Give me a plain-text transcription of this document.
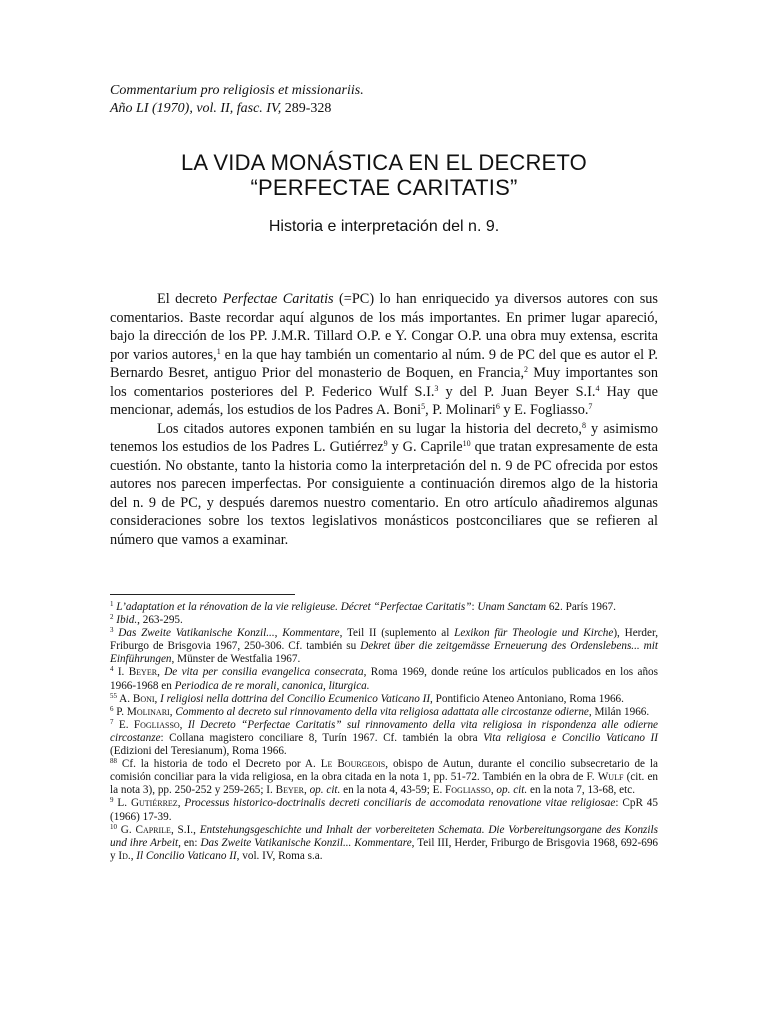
Commentarium pro religiosis et missionariis.
Año LI (1970), vol. II, fasc. IV, 289-328
LA VIDA MONÁSTICA EN EL DECRETO
“PERFECTAE CARITATIS”
Historia e interpretación del n. 9.

El decreto Perfectae Caritatis (=PC) lo han enriquecido ya diversos autores con sus comentarios. Baste recordar aquí algunos de los más importantes. En primer lugar apareció, bajo la dirección de los PP. J.M.R. Tillard O.P. e Y. Congar O.P. una obra muy extensa, escrita por varios autores,$^1$ en la que hay también un comentario al núm. 9 de PC del que es autor el P. Bernardo Besret, antiguo Prior del monasterio de Boquen, en Francia,$^2$ Muy importantes son los comentarios posteriores del P. Federico Wulf S.I.$^3$ y del P. Juan Beyer S.I.$^4$ Hay que mencionar, además, los estudios de los Padres A. Boni$^5$, P. Molinari$^6$ y E. Fogliasso.$^7$

Los citados autores exponen también en su lugar la historia del decreto,$^8$ y asimismo tenemos los estudios de los Padres L. Gutiérrez$^9$ y G. Caprile$^{10}$ que tratan expresamente de esta cuestión. No obstante, tanto la historia como la interpretación del n. 9 de PC ofrecida por estos autores nos parecen imperfectas. Por consiguiente a continuación diremos algo de la historia del n. 9 de PC, y después daremos nuestro comentario. En otro artículo añadiremos algunas consideraciones sobre los textos legislativos monásticos postconciliares que se refieren al número que vamos a examinar.

$^1$ L’adaptation et la rénovation de la vie religieuse. Décret “Perfectae Caritatis”: Unam Sanctam 62. París 1967.
$^2$ Ibid., 263-295.
$^3$ Das Zweite Vatikanische Konzil..., Kommentare, Teil II (suplemento al Lexikon für Theologie und Kirche), Herder, Friburgo de Brisgovia 1967, 250-306. Cf. también su Dekret über die zeitgemässe Erneuerung des Ordenslebens... mit Einführungen, Münster de Westfalia 1967.
$^4$ I. Beyer, De vita per consilia evangelica consecrata, Roma 1969, donde reúne los artículos publicados en los años 1966-1968 en Periodica de re morali, canonica, liturgica.
$^{55}$ A. Boni, I religiosi nella dottrina del Concilio Ecumenico Vaticano II, Pontificio Ateneo Antoniano, Roma 1966.
$^6$ P. Molinari, Commento al decreto sul rinnovamento della vita religiosa adattata alle circostanze odierne, Milán 1966.
$^7$ E. Fogliasso, Il Decreto “Perfectae Caritatis” sul rinnovamento della vita religiosa in rispondenza alle odierne circostanze: Collana magistero conciliare 8, Turín 1967. Cf. también la obra Vita religiosa e Concilio Vaticano II (Edizioni del Teresianum), Roma 1966.
$^{88}$ Cf. la historia de todo el Decreto por A. Le Bourgeois, obispo de Autun, durante el concilio subsecretario de la comisión conciliar para la vida religiosa, en la obra citada en la nota 1, pp. 51-72. También en la obra de F. Wulf (cit. en la nota 3), pp. 250-252 y 259-265; I. Beyer, op. cit. en la nota 4, 43-59; E. Fogliasso, op. cit. en la nota 7, 13-68, etc.
$^9$ L. Gutiérrez, Processus historico-doctrinalis decreti conciliaris de accomodata renovatione vitae religiosae: CpR 45 (1966) 17-39.
$^{10}$ G. Caprile, S.I., Entstehungsgeschichte und Inhalt der vorbereiteten Schemata. Die Vorbereitungsorgane des Konzils und ihre Arbeit, en: Das Zweite Vatikanische Konzil... Kommentare, Teil III, Herder, Friburgo de Brisgovia 1968, 692-696 y Id., Il Concilio Vaticano II, vol. IV, Roma s.a.
